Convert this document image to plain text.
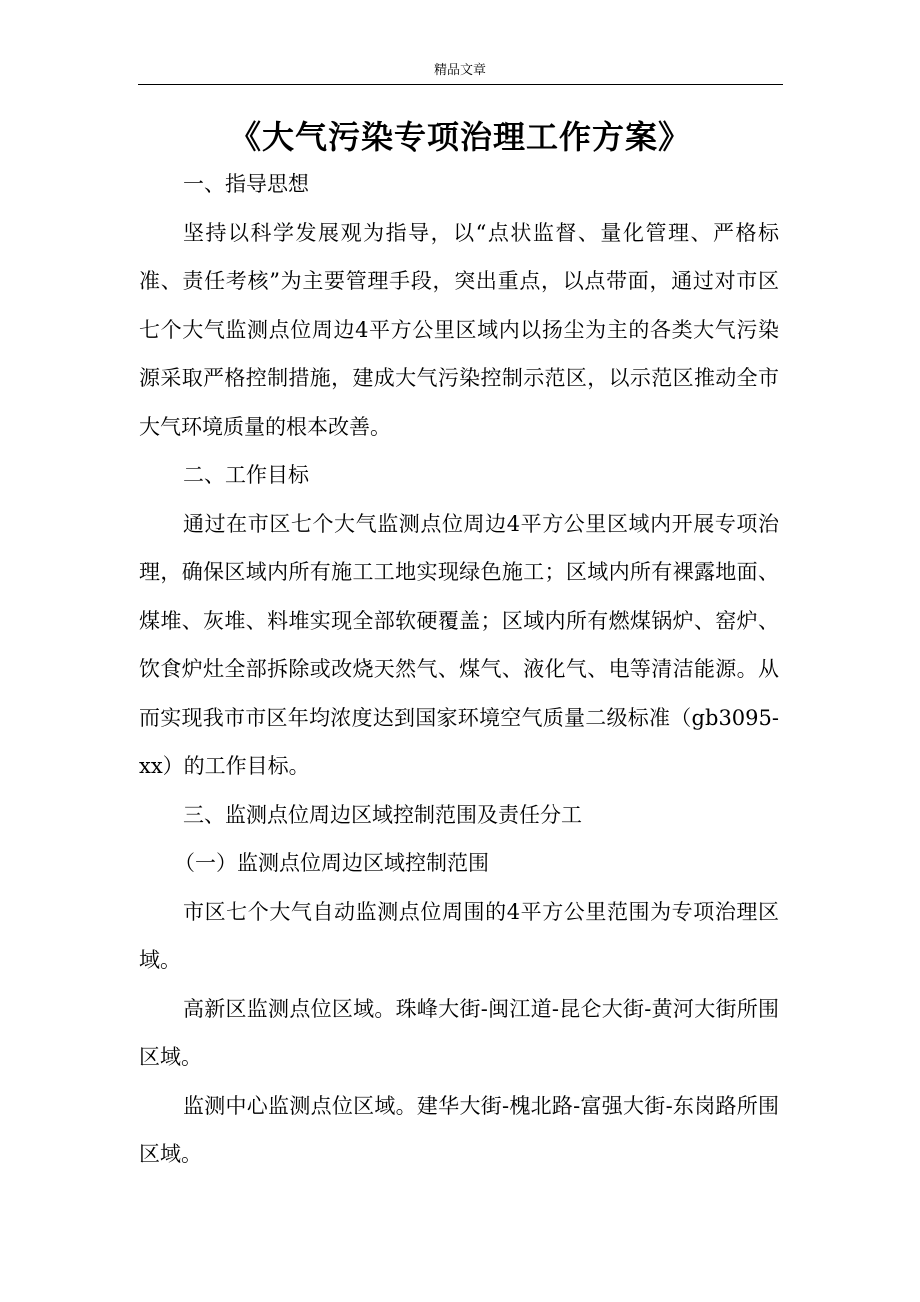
精品文章
《大气污染专项治理工作方案》

一、指导思想

坚持以科学发展观为指导，以“点状监督、量化管理、严格标准、责任考核”为主要管理手段，突出重点，以点带面，通过对市区七个大气监测点位周边4平方公里区域内以扬尘为主的各类大气污染源采取严格控制措施，建成大气污染控制示范区，以示范区推动全市大气环境质量的根本改善。

二、工作目标

通过在市区七个大气监测点位周边4平方公里区域内开展专项治理，确保区域内所有施工工地实现绿色施工；区域内所有裸露地面、煤堆、灰堆、料堆实现全部软硬覆盖；区域内所有燃煤锅炉、窑炉、饮食炉灶全部拆除或改烧天然气、煤气、液化气、电等清洁能源。从而实现我市市区年均浓度达到国家环境空气质量二级标准（gb3095-xx）的工作目标。

三、监测点位周边区域控制范围及责任分工

（一）监测点位周边区域控制范围

市区七个大气自动监测点位周围的4平方公里范围为专项治理区域。

高新区监测点位区域。珠峰大街-闽江道-昆仑大街-黄河大街所围区域。

监测中心监测点位区域。建华大街-槐北路-富强大街-东岗路所围区域。
